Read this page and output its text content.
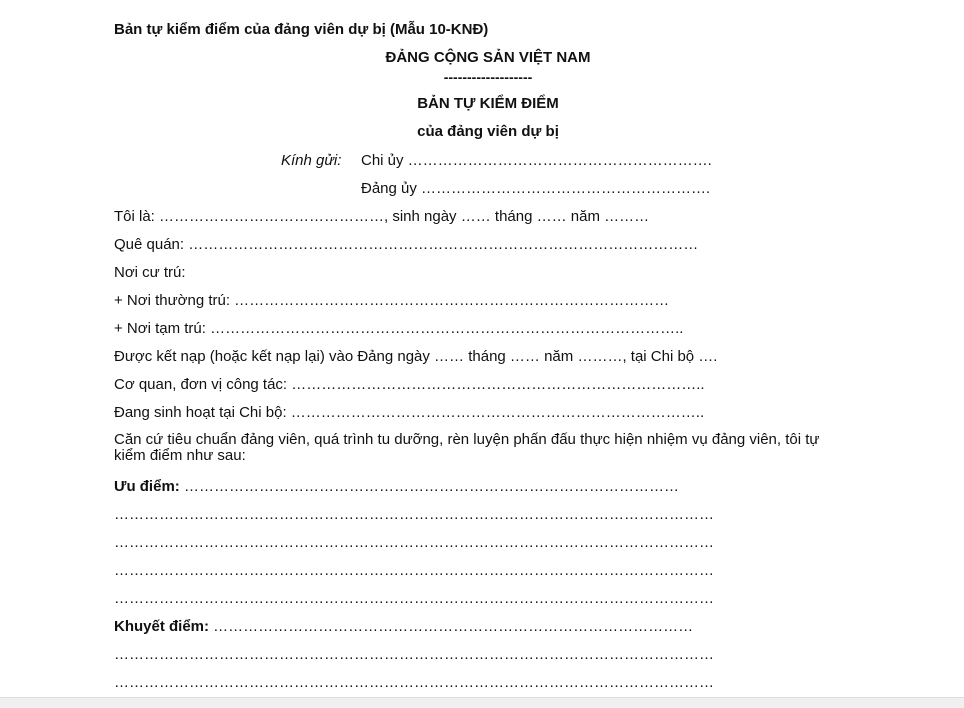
Bản tự kiểm điểm của đảng viên dự bị (Mẫu 10-KNĐ)
ĐẢNG CỘNG SẢN VIỆT NAM
-------------------
BẢN TỰ KIỂM ĐIỂM
của đảng viên dự bị
Kính gửi: Chi ủy …………………………………………………….
Đảng ủy ………………………………………………….
Tôi là: ………………………………………, sinh ngày …… tháng …… năm ………
Quê quán: …………………………………………………………………………………………
Nơi cư trú:
+ Nơi thường trú: ……………………………………………………………………………
+ Nơi tạm trú: …………………………………………………………………………………..
Được kết nạp (hoặc kết nạp lại) vào Đảng ngày …… tháng …… năm ………, tại Chi bộ ….
Cơ quan, đơn vị công tác: ………………………………………………………………………..
Đang sinh hoạt tại Chi bộ: ………………………………………………………………………..
Căn cứ tiêu chuẩn đảng viên, quá trình tu dưỡng, rèn luyện phấn đấu thực hiện nhiệm vụ đảng viên, tôi tự kiểm điểm như sau:
Ưu điểm: ………………………………………………………………………………………
…………………………………………………………………………………………………………
…………………………………………………………………………………………………………
…………………………………………………………………………………………………………
…………………………………………………………………………………………………………
Khuyết điểm: ……………………………………………………………………………………
…………………………………………………………………………………………………………
…………………………………………………………………………………………………………
